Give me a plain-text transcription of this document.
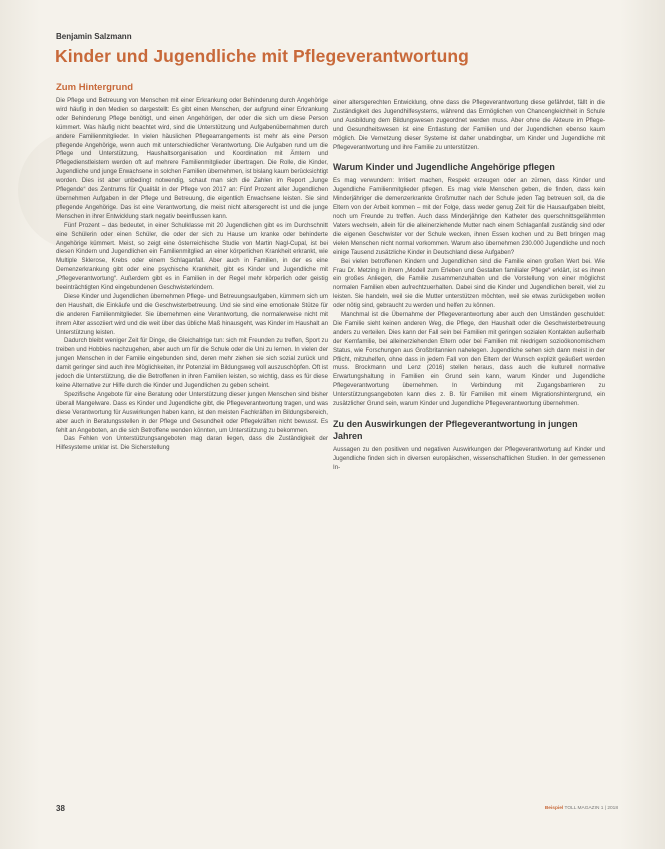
Benjamin Salzmann
Kinder und Jugendliche mit Pflegeverantwortung
Zum Hintergrund

Die Pflege und Betreuung von Menschen mit einer Erkrankung oder Behinderung durch Angehörige wird häufig in den Medien so dargestellt: Es gibt einen Menschen, der aufgrund einer Erkrankung oder Behinderung Pflege benötigt, und einen Angehörigen, der oder die sich um diese Person kümmert. Was häufig nicht beachtet wird, sind die Unterstützung und Aufgabenübernahmen durch andere Familienmitglieder. In vielen häuslichen Pflegearrangements ist mehr als eine Person pflegende Angehörige, wenn auch mit unterschiedlicher Verantwortung. Die Aufgaben rund um die Pflege und Unterstützung, Haushaltsorganisation und Koordination mit Ämtern und Pflegedienstleistern werden oft auf mehrere Familienmitglieder übertragen. Die Rolle, die Kinder, Jugendliche und junge Erwachsene in solchen Familien übernehmen, ist bislang kaum berücksichtigt worden. Dies ist aber unbedingt notwendig, schaut man sich die Zahlen im Report „Junge Pflegende“ des Zentrums für Qualität in der Pflege von 2017 an: Fünf Prozent aller Jugendlichen übernehmen Aufgaben in der Pflege und Betreuung, die eigentlich Erwachsene leisten. Sie sind pflegende Angehörige. Das ist eine Verantwortung, die meist nicht altersgerecht ist und die junge Menschen in ihrer Entwicklung stark negativ beeinflussen kann.

Fünf Prozent – das bedeutet, in einer Schulklasse mit 20 Jugendlichen gibt es im Durchschnitt eine Schülerin oder einen Schüler, die oder der sich zu Hause um kranke oder behinderte Angehörige kümmert. Meist, so zeigt eine österreichische Studie von Martin Nagl-Cupal, ist bei diesen Kindern und Jugendlichen ein Familienmitglied an einer körperlichen Krankheit erkrankt, wie Multiple Sklerose, Krebs oder einem Schlaganfall. Aber auch in Familien, in der es eine Demenzerkrankung gibt oder eine psychische Krankheit, gibt es Kinder und Jugendliche mit „Pflegeverantwortung“. Außerdem gibt es in Familien in der Regel mehr körperlich oder geistig beeinträchtigten Kind eingebundenen Geschwisterkindern.

Diese Kinder und Jugendlichen übernehmen Pflege- und Betreuungsaufgaben, kümmern sich um den Haushalt, die Einkäufe und die Geschwisterbetreuung. Und sie sind eine emotionale Stütze für die anderen Familienmitglieder. Sie übernehmen eine Verantwortung, die normalerweise nicht mit ihrem Alter assoziiert wird und die weit über das übliche Maß hinausgeht, was Kinder im Haushalt an Unterstützung leisten.

Dadurch bleibt weniger Zeit für Dinge, die Gleichaltrige tun: sich mit Freunden zu treffen, Sport zu treiben und Hobbies nachzugehen, aber auch um für die Schule oder die Uni zu lernen. In vielen der jungen Menschen in der Familie eingebunden sind, deren mehr ziehen sie sich sozial zurück und damit geringer sind auch ihre Möglichkeiten, ihr Potenzial im Bildungsweg voll auszuschöpfen. Oft ist jedoch die Unterstützung, die die Betroffenen in ihren Familien leisten, so wichtig, dass es für diese keine Alternative zur Hilfe durch die Kinder und Jugendlichen zu geben scheint.

Spezifische Angebote für eine Beratung oder Unterstützung dieser jungen Menschen sind bisher überall Mangelware. Dass es Kinder und Jugendliche gibt, die Pflegeverantwortung tragen, und was diese Verantwortung für Auswirkungen haben kann, ist den meisten Fachkräften im Bildungsbereich, aber auch in Beratungsstellen in der Pflege und Gesundheit oder Pflegekräften nicht bewusst. Es fehlt an Angeboten, an die sich Betroffene wenden könnten, um Unterstützung zu bekommen.

Das Fehlen von Unterstützungsangeboten mag daran liegen, dass die Zuständigkeit der Hilfesysteme unklar ist. Die Sicherstellung

einer altersgerechten Entwicklung, ohne dass die Pflegeverantwortung diese gefährdet, fällt in die Zuständigkeit des Jugendhilfesystems, während das Ermöglichen von Chancengleichheit in Schule und Ausbildung dem Bildungswesen zugeordnet werden muss. Aber ohne die Akteure im Pflege- und Gesundheitswesen ist eine Entlastung der Familien und der Jugendlichen ebenso kaum möglich. Die Vernetzung dieser Systeme ist daher unabdingbar, um Kinder und Jugendliche mit Pflegeverantwortung und ihre Familie zu unterstützen.

Warum Kinder und Jugendliche Angehörige pflegen

Es mag verwundern: Irritiert machen, Respekt erzeugen oder an zürnen, dass Kinder und Jugendliche Familienmitglieder pflegen. Es mag viele Menschen geben, die finden, dass kein Minderjähriger die demenzerkrankte Großmutter nach der Schule jeden Tag betreuen soll, da die Eltern von der Arbeit kommen – mit der Folge, dass weder genug Zeit für die Hausaufgaben bleibt, noch um Freunde zu treffen. Auch dass Minderjährige den Katheter des querschnittsgelähmten Vaters wechseln, allein für die alleinerziehende Mutter nach einem Schlaganfall zuständig sind oder die eigenen Geschwister vor der Schule wecken, ihnen Essen kochen und zu Bett bringen mag vielen Menschen nicht normal vorkommen. Warum also übernehmen 230.000 Jugendliche und noch einige Tausend zusätzliche Kinder in Deutschland diese Aufgaben?

Bei vielen betroffenen Kindern und Jugendlichen sind die Familie einen großen Wert bei. Wie Frau Dr. Metzing in ihrem „Modell zum Erleben und Gestalten familialer Pflege“ erklärt, ist es ihnen ein großes Anliegen, die Familie zusammenzuhalten und die Vorstellung von einer möglichst normalen Familien eben aufrechtzuerhalten. Dabei sind die Kinder und Jugendlichen bereit, viel zu leisten. Sie handeln, weil sie die Mutter unterstützen möchten, weil sie etwas zurückgeben wollen oder nötig sind, gebraucht zu werden und helfen zu können.

Manchmal ist die Übernahme der Pflegeverantwortung aber auch den Umständen geschuldet: Die Familie sieht keinen anderen Weg, die Pflege, den Haushalt oder die Geschwisterbetreuung anders zu verteilen. Dies kann der Fall sein bei Familien mit geringen sozialen Kontakten außerhalb der Kernfamilie, bei alleinerziehenden Eltern oder bei Familien mit niedrigem sozioökonomischem Status, wie Forschungen aus Großbritannien nahelegen. Jugendliche sehen sich dann meist in der Pflicht, mitzuhelfen, ohne dass in jedem Fall von den Eltern der Wunsch explizit geäußert werden muss. Brockmann und Lenz (2016) stellen heraus, dass auch die kulturell normative Erwartungshaltung in Familien ein Grund sein kann, warum Kinder und Jugendliche Pflegeverantwortung übernehmen. In Verbindung mit Zugangsbarrieren zu Unterstützungsangeboten kann dies z. B. für Familien mit einem Migrationshintergrund, ein zusätzlicher Grund sein, warum Kinder und Jugendliche Pflegeverantwortung übernehmen.

Zu den Auswirkungen der Pflegeverantwortung in jungen Jahren

Aussagen zu den positiven und negativen Auswirkungen der Pflegeverantwortung auf Kinder und Jugendliche finden sich in diversen europäischen, wissenschaftlichen Studien. In der gemessenen In-

38	Beispiel TOLL MAGAZIN 1 | 2018
